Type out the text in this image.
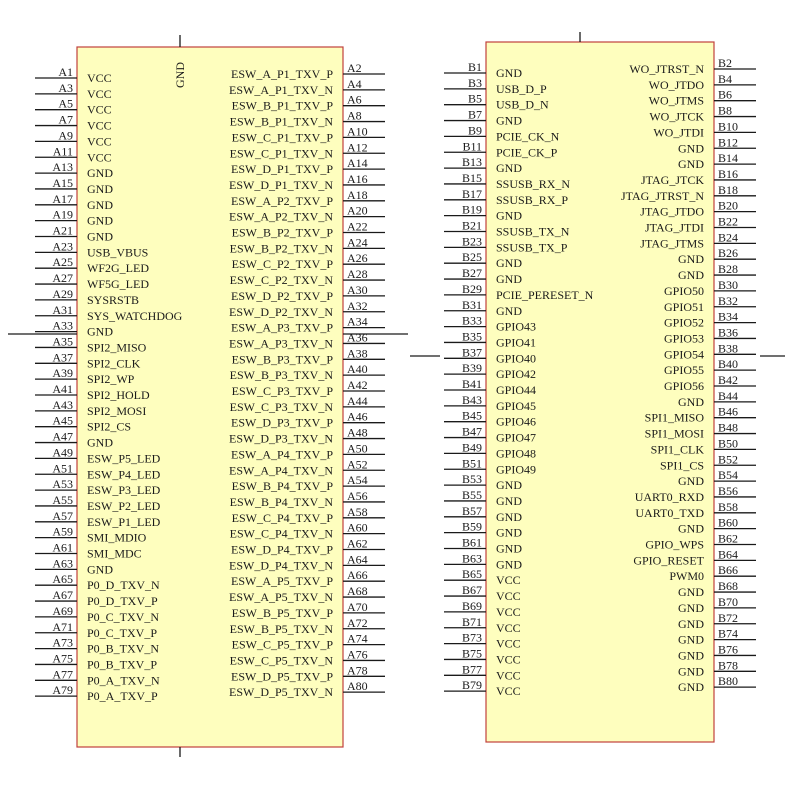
GND
A1 VCC
A3 VCC
A5 VCC
A7 VCC
A9 VCC
A11 VCC
A13 GND
A15 GND
A17 GND
A19 GND
A21 GND
A23 USB_VBUS
A25 WF2G_LED
A27 WF5G_LED
A29 SYSRSTB
A31 SYS_WATCHDOG
A33 GND
A35 SPI2_MISO
A37 SPI2_CLK
A39 SPI2_WP
A41 SPI2_HOLD
A43 SPI2_MOSI
A45 SPI2_CS
A47 GND
A49 ESW_P5_LED
A51 ESW_P4_LED
A53 ESW_P3_LED
A55 ESW_P2_LED
A57 ESW_P1_LED
A59 SMI_MDIO
A61 SMI_MDC
A63 GND
A65 P0_D_TXV_N
A67 P0_D_TXV_P
A69 P0_C_TXV_N
A71 P0_C_TXV_P
A73 P0_B_TXV_N
A75 P0_B_TXV_P
A77 P0_A_TXV_N
A79 P0_A_TXV_P
A2
ESW_A_P1_TXV_P
A4
ESW_A_P1_TXV_N
A6
ESW_B_P1_TXV_P
A8
ESW_B_P1_TXV_N
A10
ESW_C_P1_TXV_P
A12
ESW_C_P1_TXV_N
A14
ESW_D_P1_TXV_P
A16
ESW_D_P1_TXV_N
A18
ESW_A_P2_TXV_P
A20
ESW_A_P2_TXV_N
A22
ESW_B_P2_TXV_P
A24
ESW_B_P2_TXV_N
A26
ESW_C_P2_TXV_P
A28
ESW_C_P2_TXV_N
A30
ESW_D_P2_TXV_P
A32
ESW_D_P2_TXV_N
A34
ESW_A_P3_TXV_P
A36
ESW_A_P3_TXV_N
A38
ESW_B_P3_TXV_P
A40
ESW_B_P3_TXV_N
A42
ESW_C_P3_TXV_P
A44
ESW_C_P3_TXV_N
A46
ESW_D_P3_TXV_P
A48
ESW_D_P3_TXV_N
A50
ESW_A_P4_TXV_P
A52
ESW_A_P4_TXV_N
A54
ESW_B_P4_TXV_P
A56
ESW_B_P4_TXV_N
A58
ESW_C_P4_TXV_P
A60
ESW_C_P4_TXV_N
A62
ESW_D_P4_TXV_P
A64
ESW_D_P4_TXV_N
A66
ESW_A_P5_TXV_P
A68
ESW_A_P5_TXV_N
A70
ESW_B_P5_TXV_P
A72
ESW_B_P5_TXV_N
A74
ESW_C_P5_TXV_P
A76
ESW_C_P5_TXV_N
A78
ESW_D_P5_TXV_P
A80
ESW_D_P5_TXV_N
B1 GND
B3 USB_D_P
B5 USB_D_N
B7 GND
B9 PCIE_CK_N
B11 PCIE_CK_P
B13 GND
B15 SSUSB_RX_N
B17 SSUSB_RX_P
B19 GND
B21 SSUSB_TX_N
B23 SSUSB_TX_P
B25 GND
B27 GND
B29 PCIE_PERESET_N
B31 GND
B33 GPIO43
B35 GPIO41
B37 GPIO40
B39 GPIO42
B41 GPIO44
B43 GPIO45
B45 GPIO46
B47 GPIO47
B49 GPIO48
B51 GPIO49
B53 GND
B55 GND
B57 GND
B59 GND
B61 GND
B63 GND
B65 VCC
B67 VCC
B69 VCC
B71 VCC
B73 VCC
B75 VCC
B77 VCC
B79 VCC
B2
WO_JTRST_N
B4
WO_JTDO
B6
WO_JTMS
B8
WO_JTCK
B10
WO_JTDI
B12
GND
B14
GND
B16
JTAG_JTCK
B18
JTAG_JTRST_N
B20
JTAG_JTDO
B22
JTAG_JTDI
B24
JTAG_JTMS
B26
GND
B28
GND
B30
GPIO50
B32
GPIO51
B34
GPIO52
B36
GPIO53
B38
GPIO54
B40
GPIO55
B42
GPIO56
B44
GND
B46
SPI1_MISO
B48
SPI1_MOSI
B50
SPI1_CLK
B52
SPI1_CS
B54
GND
B56
UART0_RXD
B58
UART0_TXD
B60
GND
B62
GPIO_WPS
B64
GPIO_RESET
B66
PWM0
B68
GND
B70
GND
B72
GND
B74
GND
B76
GND
B78
GND
B80
GND
